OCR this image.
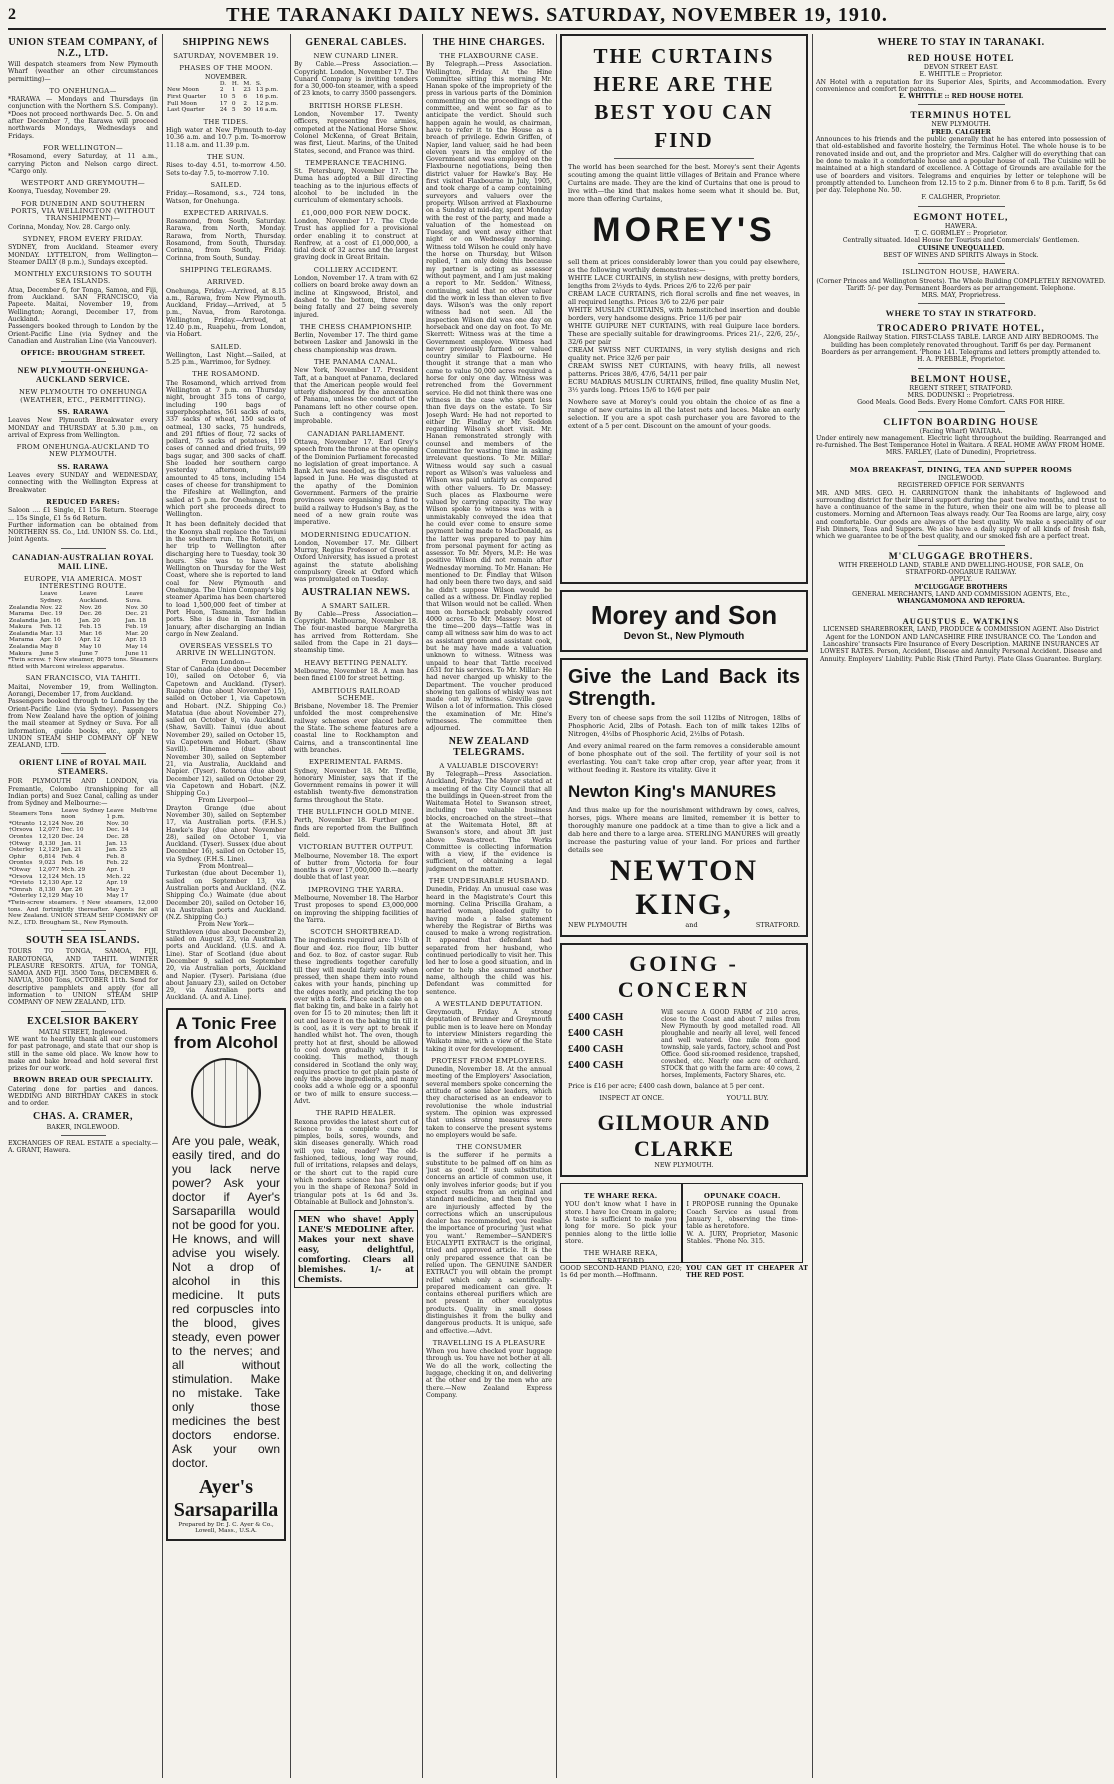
2	THE TARANAKI DAILY NEWS. SATURDAY, NOVEMBER 19, 1910.
UNION STEAM COMPANY, of N.Z., LTD.

Will despatch steamers from New Plymouth Wharf (weather an other circumstances permitting)—

TO ONEHUNGA—

*RARAWA — Mondays and Thursdays (in conjunction with the Northern S.S. Company). *Does not proceed northwards Dec. 5. On and after December 7, the Rarawa will proceed northwards Mondays, Wednesdays and Fridays.

FOR WELLINGTON—

*Rosamond, every Saturday, at 11 a.m., carrying Picton and Nelson cargo direct. *Cargo only.

WESTPORT AND GREYMOUTH—

Koonya, Tuesday, November 29.

FOR DUNEDIN AND SOUTHERN PORTS, VIA WELLINGTON (WITHOUT TRANSHIPMENT)—

Corinna, Monday, Nov. 28. Cargo only.

SYDNEY, FROM EVERY FRIDAY.

SYDNEY, from Auckland. Steamer every MONDAY. LYTTELTON, from Wellington—Steamer DAILY (8 p.m.), Sundays excepted.

MONTHLY EXCURSIONS TO SOUTH SEA ISLANDS.

Atua, December 6, for Tonga, Samoa, and Fiji, from Auckland. SAN FRANCISCO, via Papeete. Maitai, November 19, from Wellington; Aorangi, December 17, from Auckland.

Passengers booked through to London by the Orient-Pacific Line (via Sydney and the Canadian and Australian Line (via Vancouver).

OFFICE: BROUGHAM STREET.
NEW PLYMOUTH-ONEHUNGA-AUCKLAND SERVICE.
NEW PLYMOUTH TO ONEHUNGA (WEATHER, ETC., PERMITTING).
SS. RARAWA

Leaves New Plymouth Breakwater every MONDAY and THURSDAY at 5.30 p.m., on arrival of Express from Wellington.

FROM ONEHUNGA-AUCKLAND TO NEW PLYMOUTH.
SS. RARAWA

Leaves every SUNDAY and WEDNESDAY, connecting with the Wellington Express at Breakwater.

REDUCED FARES:

Saloon .... £1 Single, £1 15s Return. Steerage ... 15s Single, £1 5s 6d Return.

Further information can be obtained from NORTHERN SS. Co., Ltd. UNION SS. Co. Ltd., Joint Agents.

CANADIAN-AUSTRALIAN ROYAL MAIL LINE.
EUROPE, VIA AMERICA. MOST INTERESTING ROUTE.
	Leave Sydney.	Leave Auckland.	Leave Suva.
Zealandia	Nov. 22	Nov. 26	Nov. 30
Marama	Dec. 19	Dec. 26	Dec. 21
Zealandia	Jan. 16	Jan. 20	Jan. 18
Makura	Feb. 12	Feb. 15	Feb. 19
Zealandia	Mar. 13	Mar. 16	Mar. 20
Marama	Apr. 10	Apr. 12	Apr. 15
Zealandia	May 8	May 10	May 14
Makura	June 5	June 7	June 11

*Twin screw. † New steamer, 8075 tons. Steamers fitted with Marconi wireless apparatus.

SAN FRANCISCO, VIA TAHITI.

Maitai, November 19, from Wellington. Aorangi, December 17, from Auckland.

Passengers booked through to London by the Orient-Pacific Line (via Sydney). Passengers from New Zealand have the option of joining the mail steamer at Sydney or Suva. For all information, guide books, etc., apply to UNION STEAM SHIP COMPANY OF NEW ZEALAND, LTD.

ORIENT LINE of ROYAL MAIL STEAMERS.

FOR PLYMOUTH AND LONDON, via Fremantle, Colombo (transhipping for all Indian ports) and Suez Canal, calling as under from Sydney and Melbourne:—

Steamers	Tons	Leave Sydney noon	Leave Melb'rne 1 p.m.
*Otranto	12,124	Nov. 26	Nov. 30
†Orsova	12,077	Dec. 10	Dec. 14
Orontes	12,120	Dec. 24	Dec. 28
†Otway	8,130	Jan. 11	Jan. 13
Osterley	12,129	Jan. 21	Jan. 25
Ophir	6,814	Feb. 4	Feb. 8
Orontes	9,023	Feb. 16	Feb. 22
*Otway	12,077	Mch. 29	Apr. 1
*Orsova	12,124	Mch. 15	Mch. 22
*Orvieto	12,130	Apr. 12	Apr. 19
*Omrah	8,130	Apr. 26	May 3
*Osterley	12,129	May 10	May 17

*Twin-screw steamers. †New steamers, 12,000 tons. And fortnightly thereafter. Agents for all New Zealand. UNION STEAM SHIP COMPANY OF N.Z., LTD. Brougham St., New Plymouth.

SOUTH SEA ISLANDS.

TOURS TO TONGA, SAMOA, FIJI, RAROTONGA, AND TAHITI. WINTER PLEASURE RESORTS. ATUA, for TONGA, SAMOA AND FIJI. 3500 Tons, DECEMBER 6. NAVUA, 3500 Tons, OCTOBER 11th. Send for descriptive pamphlets and apply (for all information to UNION STEAM SHIP COMPANY OF NEW ZEALAND, LTD.

EXCELSIOR BAKERY
MATAI STREET, Inglewood.

WE want to heartily thank all our customers for past patronage, and state that our shop is still in the same old place. We know how to make and bake bread and hold several first prizes for our work.

BROWN BREAD OUR SPECIALITY.

Catering done for parties and dances. WEDDING AND BIRTHDAY CAKES in stock and to order.

CHAS. A. CRAMER,
BAKER, INGLEWOOD.

EXCHANGES OF REAL ESTATE a specialty.—A. GRANT, Hawera.

SHIPPING NEWS
SATURDAY, NOVEMBER 19.
PHASES OF THE MOON.
NOVEMBER.
	D.	H.	M.	S.
New Moon	2	1	23	13 p.m.
First Quarter	10	5	6	16 p.m.
Full Moon	17	0	2	12 p.m.
Last Quarter	24	5	50	16 a.m.
THE TIDES.

High water at New Plymouth to-day 10.36 a.m. and 10.7 p.m. To-morrow 11.18 a.m. and 11.39 p.m.

THE SUN.

Rises to-day 4.51, to-morrow 4.50. Sets to-day 7.5, to-morrow 7.10.

SAILED.

Friday.—Rosamond, s.s., 724 tons, Watson, for Onehunga.

EXPECTED ARRIVALS.

Rosamond, from South, Saturday. Rarawa, from North, Monday. Rarawa, from North, Thursday. Rosamond, from South, Thursday. Corinna, from South, Friday. Corinna, from South, Sunday.

SHIPPING TELEGRAMS.
ARRIVED.

Onehunga, Friday.—Arrived, at 8.15 a.m., Rarawa, from New Plymouth. Auckland, Friday.—Arrived, at 5 p.m., Navua, from Rarotonga. Wellington, Friday.—Arrived, at 12.40 p.m., Ruapehu, from London, via Hobart.

SAILED.

Wellington, Last Night.—Sailed, at 5.25 p.m., Warrimoo, for Sydney.

THE ROSAMOND.

The Rosamond, which arrived from Wellington at 7 p.m. on Thursday night, brought 315 tons of cargo, including 190 bags of superphosphates, 561 sacks of oats, 337 sacks of wheat, 150 sacks of oatmeal, 130 sacks, 75 hundreds, and 291 fifties of flour, 72 sacks of pollard, 75 sacks of potatoes, 119 cases of canned and dried fruits, 99 bags sugar, and 300 sacks of chaff. She loaded her southern cargo yesterday afternoon, which amounted to 45 tons, including 154 cases of cheese for transhipment to the Fifeshire at Wellington, and sailed at 5 p.m. for Onehunga, from which port she proceeds direct to Wellington.

It has been definitely decided that the Koonya shall replace the Taviuni in the southern run. The Rotoiti, on her trip to Wellington after discharging here to Tuesday, took 30 hours. She was to have left Wellington on Thursday for the West Coast, where she is reported to land coal for New Plymouth and Onehunga. The Union Company's big steamer Aparima has been chartered to load 1,500,000 feet of timber at Port Huon, Tasmania, for Indian ports. She is due in Tasmania in January, after discharging an Indian cargo in New Zealand.

OVERSEAS VESSELS TO ARRIVE IN WELLINGTON.
From London—

Star of Canada (due about December 10), sailed on October 6, via Capetown and Auckland. (Tyser). Ruapehu (due about November 15), sailed on October 1, via Capetown and Hobart. (N.Z. Shipping Co.) Matatua (due about November 27), sailed on October 8, via Auckland. (Shaw, Savill). Tainui (due about November 29), sailed on October 15, via Capetown and Hobart. (Shaw Savill). Hinemoa (due about November 30), sailed on September 21, via Australia, Auckland and Napier. (Tyser). Rotorua (due about December 12), sailed on October 29, via Capetown and Hobart. (N.Z. Shipping Co.)

From Liverpool—

Drayton Grange (due about November 30), sailed on September 17, via Australian ports. (F.H.S.) Hawke's Bay (due about November 28), sailed on October 1, via Auckland. (Tyser). Sussex (due about December 16), sailed on October 15, via Sydney. (F.H.S. Line).

From Montreal—

Turkestan (due about December 1), sailed on September 13, via Australian ports and Auckland. (N.Z. Shipping Co.) Waimate (due about December 20), sailed on October 16, via Australian ports and Auckland. (N.Z. Shipping Co.)

From New York—

Strathleven (due about December 2), sailed on August 23, via Australian ports and Auckland. (U.S. and A. Line). Star of Scotland (due about December 9, sailed on September 20, via Australian ports, Auckland and Napier. (Tyser). Parisiana (due about January 23), sailed on October 29, via Australian ports and Auckland. (A. and A. Line).

A Tonic Free from Alcohol
Are you pale, weak, easily tired, and do you lack nerve power? Ask your doctor if Ayer's Sarsaparilla would not be good for you. He knows, and will advise you wisely. Not a drop of alcohol in this medicine. It puts red corpuscles into the blood, gives steady, even power to the nerves; and all without stimulation. Make no mistake. Take only those medicines the best doctors endorse. Ask your own doctor.
Ayer's Sarsaparilla
Prepared by Dr. J. C. Ayer & Co., Lowell, Mass., U.S.A.
GENERAL CABLES.
NEW CUNARD LINER.

By Cable.—Press Association.—Copyright. London, November 17. The Cunard Company is inviting tenders for a 30,000-ton steamer, with a speed of 23 knots, to carry 3500 passengers.

BRITISH HORSE FLESH.

London, November 17. Twenty officers, representing five armies, competed at the National Horse Show. Colonel McKenna, of Great Britain, was first, Lieut. Marins, of the United States, second, and France was third.

TEMPERANCE TEACHING.

St. Petersburg, November 17. The Duma has adopted a Bill directing teaching as to the injurious effects of alcohol to be included in the curriculum of elementary schools.

£1,000,000 FOR NEW DOCK.

London, November 17. The Clyde Trust has applied for a provisional order enabling it to construct at Renfrew, at a cost of £1,000,000, a tidal dock of 32 acres and the largest graving dock in Great Britain.

COLLIERY ACCIDENT.

London, November 17. A tram with 62 colliers on board broke away down an incline at Kingswood, Bristol, and dashed to the bottom, three men being fatally and 27 being severely injured.

THE CHESS CHAMPIONSHIP.

Berlin, November 17. The third game between Lasker and Janowski in the chess championship was drawn.

THE PANAMA CANAL.

New York, November 17. President Taft, at a banquet at Panama, declared that the American people would feel utterly dishonored by the annexation of Panama, unless the conduct of the Panamans left no other course open. Such a contingency was most improbable.

CANADIAN PARLIAMENT.

Ottawa, November 17. Earl Grey's speech from the throne at the opening of the Dominion Parliament forecasted no legislation of great importance. A Bank Act was needed, as the charters lapsed in June. He was disgusted at the apathy of the Dominion Government. Farmers of the prairie provinces were organising a fund to build a railway to Hudson's Bay, as the need of a new grain route was imperative.

MODERNISING EDUCATION.

London, November 17. Mr. Gilbert Murray, Regius Professor of Greek at Oxford University, has issued a protest against the statute abolishing compulsory Greek at Oxford which was promulgated on Tuesday.

AUSTRALIAN NEWS.
A SMART SAILER.

By Cable—Press Association—Copyright. Melbourne, November 18. The four-masted barque Margretha has arrived from Rotterdam. She sailed from the Cape in 21 days—steamship time.

HEAVY BETTING PENALTY.

Melbourne, November 18. A man has been fined £100 for street betting.

AMBITIOUS RAILROAD SCHEME.

Brisbane, November 18. The Premier unfolded the most comprehensive railway schemes ever placed before the State. The scheme features are a coastal line to Rockhampton and Cairns, and a transcontinental line with branches.

EXPERIMENTAL FARMS.

Sydney, November 18. Mr. Treflle, honorary Minister, says that if the Government remains in power it will establish twenty-five demonstration farms throughout the State.

THE BULLFINCH GOLD MINE.

Perth, November 18. Further good finds are reported from the Bullfinch field.

VICTORIAN BUTTER OUTPUT.

Melbourne, November 18. The export of butter from Victoria for four months is over 17,000,000 lb.—nearly double that of last year.

IMPROVING THE YARRA.

Melbourne, November 18. The Harbor Trust proposes to spend £3,000,000 on improving the shipping facilities of the Yarra.

SCOTCH SHORTBREAD.

The ingredients required are: 1½lb of flour and 4oz. rice flour, 1lb butter and 6oz. to 8oz. of castor sugar. Rub these ingredients together carefully till they will mould fairly easily when pressed, then shape them into round cakes with your hands, pinching up the edges neatly, and pricking the top over with a fork. Place each cake on a flat baking tin, and bake in a fairly hot oven for 15 to 20 minutes; then lift it out and leave it on the baking tin till it is cool, as it is very apt to break if handled whilst hot. The oven, though pretty hot at first, should be allowed to cool down gradually whilst it is cooking. This method, though considered in Scotland the only way, requires practice to get plain paste of only the above ingredients, and many cooks add a whole egg or a spoonful or two of milk to ensure success.—Advt.

THE RAPID HEALER.

Rexona provides the latest short cut of science to a complete cure for pimples, boils, sores, wounds, and skin diseases generally. Which road will you take, reader? The old-fashioned, tedious, long way round, full of irritations, relapses and delays, or the short cut to the rapid cure which modern science has provided you in the shape of Rexona? Sold in triangular pots at 1s 6d and 3s. Obtainable at Bullock and Johnston's.

MEN who shave! Apply LANE'S MEDOLINE after. Makes your next shave easy, delightful, comforting. Clears all blemishes. 1/- at Chemists.
THE HINE CHARGES.
THE FLAXBOURNE CASE.

By Telegraph.—Press Association. Wellington, Friday. At the Hine Committee sitting this morning Mr. Hanan spoke of the impropriety of the press in various parts of the Dominion commenting on the proceedings of the committee, and went so far as to anticipate the verdict. Should such happen again he would, as chairman, have to refer it to the House as a breach of privilege. Edwin Griffen, of Napier, land valuer, said he had been eleven years in the employ of the Government and was employed on the Flaxbourne negotiations, being then district valuer for Hawke's Bay. He first visited Flaxbourne in July, 1905, and took charge of a camp containing surveyors and valuers over the property. Wilson arrived at Flaxbourne on a Sunday at mid-day, spent Monday with the rest of the party, and made a valuation of the homestead on Tuesday, and went away either that night or on Wednesday morning. Witness told Wilson he could only have the horse on Thursday, but Wilson replied, 'I am only doing this because my partner is acting as assessor without payment, and I am just making a report to Mr. Seddon.' Witness, continuing, said that no other valuer did the work in less than eleven to five days. Wilson's was the only report witness had not seen. All the inspection Wilson did was one day on horseback and one day on foot. To Mr. Skerrett: Witness was at the time a Government employee. Witness had never previously farmed or valued country similar to Flaxbourne. He thought it strange that a man who came to value 50,000 acres required a horse for only one day. Witness was retrenched from the Government service. He did not think there was one witness in the case who spent less than five days on the estate. To Sir Joseph Ward: He had not reported to either Dr. Findlay or Mr. Seddon regarding Wilson's short visit. Mr. Hanan remonstrated strongly with counsel and members of the Committee for wasting time in asking irrelevant questions. To Mr. Millar: Witness would say such a casual report as Wilson's was valueless and Wilson was paid unfairly as compared with other valuers. To Dr. Massey: Such places as Flaxbourne were valued by carrying capacity. The way Wilson spoke to witness was with a unmistakably conveyed the idea that he could ever come to ensure some payment being made to MacDonald, as the latter was prepared to pay him from personal payment for acting as assessor. To Mr. Myers, M.P.: He was positive Wilson did not remain after Wednesday morning. To Mr. Hanan: He mentioned to Dr. Findlay that Wilson had only been there two days, and said he didn't suppose Wilson would be called as a witness. Dr. Findlay replied that Wilson would not be called. When men on horseback probably covered 4000 acres. To Mr. Massey: Most of the time—200 days—Tattle was in camp all witness saw him do was to act as assistant groom and assistant cook, but he may have made a valuation unknown to witness. Witness was unpaid to hear that Tattle received £631 for his services. To Mr. Millar: He had never charged up whisky to the Department. The voucher produced showing ten gallons of whisky was not made out by witness. Greville gave Wilson a lot of information. This closed the examination of Mr. Hine's witnesses. The committee then adjourned.

NEW ZEALAND TELEGRAMS.
A VALUABLE DISCOVERY!

By Telegraph—Press Association. Auckland, Friday. The Mayor stated at a meeting of the City Council that all the buildings in Queen-street from the Waitemata Hotel to Swanson street, including two valuable business blocks, encroached on the street—that at the Waitemata Hotel, 8ft at Swanson's store, and about 3ft just above Swan-street. The Works Committee is collecting information with a view, if the evidence is sufficient, of obtaining a legal judgment on the matter.

THE UNDESIRABLE HUSBAND.

Dunedin, Friday. An unusual case was heard in the Magistrate's Court this morning. Celina Priscilla Graham, a married woman, pleaded guilty to having made a false statement whereby the Registrar of Births was caused to make a wrong registration. It appeared that defendant had separated from her husband, who continued periodically to visit her. This led her to lose a good situation, and in order to help she assumed another name, although the child was his. Defendant was committed for sentence.

A WESTLAND DEPUTATION.

Greymouth, Friday. A strong deputation of Brunner and Greymouth public men is to leave here on Monday to interview Ministers regarding the Waikato mine, with a view of the State taking it over for development.

PROTEST FROM EMPLOYERS.

Dunedin, November 18. At the annual meeting of the Employers' Association, several members spoke concerning the attitude of some labor leaders, which they characterised as an endeavor to revolutionise the whole industrial system. The opinion was expressed that unless strong measures were taken to conserve the present systems no employers would be safe.

THE CONSUMER

is the sufferer if he permits a substitute to be palmed off on him as 'just as good.' If such substitution concerns an article of common use, it only involves inferior goods; but if you expect results from an original and standard medicine, and then find you are injuriously affected by the corrections which an unscrupulous dealer has recommended, you realise the importance of procuring 'just what you want.' Remember—SANDER'S EUCALYPTI EXTRACT is the original, tried and approved article. It is the only prepared essence that can be relied upon. The GENUINE SANDER EXTRACT you will obtain the prompt relief which only a scientifically-prepared medicament can give. It contains ethereal purifiers which are not present in other eucalyptus products. Quality in small doses distinguishes it from the bulky and dangerous products. It is unique, safe and effective.—Advt.

TRAVELLING IS A PLEASURE

When you have checked your luggage through us. You have not bother at all. We do all the work, collecting the luggage, checking it on, and delivering at the other end by the men who are there.—New Zealand Express Company.

THE CURTAINS HERE ARE THE BEST YOU CAN FIND

The world has been searched for the best. Morey's sent their Agents scouting among the quaint little villages of Britain and France where Curtains are made. They are the kind of Curtains that one is proud to live with—the kind that makes home seem what it should be. But, more than offering Curtains,

MOREY'S

sell them at prices considerably lower than you could pay elsewhere, as the following worthily demonstrates:—

WHITE LACE CURTAINS, in stylish new designs, with pretty borders, lengths from 2½yds to 4yds. Prices 2/6 to 22/6 per pair

CREAM LACE CURTAINS, rich floral scrolls and fine net weaves, in all required lengths. Prices 3/6 to 22/6 per pair

WHITE MUSLIN CURTAINS, with hemstitched insertion and double borders, very handsome designs. Price 11/6 per pair

WHITE GUIPURE NET CURTAINS, with real Guipure lace borders. These are specially suitable for drawingrooms. Prices 21/-, 22/6, 25/-, 32/6 per pair

CREAM SWISS NET CURTAINS, in very stylish designs and rich quality net. Price 32/6 per pair

CREAM SWISS NET CURTAINS, with heavy frills, all newest patterns. Prices 38/6, 47/6, 54/11 per pair

ECRU MADRAS MUSLIN CURTAINS, frilled, fine quality Muslin Net, 3½ yards long. Prices 15/6 to 16/6 per pair

Nowhere save at Morey's could you obtain the choice of as fine a range of new curtains in all the latest nets and laces. Make an early selection. If you are a spot cash purchaser you are favored to the extent of a 5 per cent. Discount on the amount of your goods.

Morey and Son
Devon St., New Plymouth
Give the Land Back its Strength.

Every ton of cheese saps from the soil 112lbs of Nitrogen, 18lbs of Phosphoric Acid, 2lbs of Potash. Each ton of milk takes 12lbs of Nitrogen, 4½lbs of Phosphoric Acid, 2½lbs of Potash.

And every animal reared on the farm removes a considerable amount of bone phosphate out of the soil. The fertility of your soil is not everlasting. You can't take crop after crop, year after year, from it without feeding it. Restore its vitality. Give it

Newton King's MANURES

And thus make up for the nourishment withdrawn by cows, calves, horses, pigs. Where means are limited, remember it is better to thoroughly manure one paddock at a time than to give a lick and a dab here and there to a large area. STERLING MANURES will greatly increase the pasturing value of your land. For prices and further details see

NEWTON KING,
NEW PLYMOUTH	and	STRATFORD.
GOING - CONCERN
£400 CASH
£400 CASH
£400 CASH
£400 CASH

Will secure A GOOD FARM of 210 acres, close to the Coast and about 7 miles from New Plymouth by good metalled road. All ploughable and nearly all level, well fenced and well watered. One mile from good township, sale yards, factory, school and Post Office. Good six-roomed residence, trapshed, cowshed, etc. Nearly one acre of orchard. STOCK that go with the farm are: 40 cows, 2 horses, Implements, Factory Shares, etc.

Price is £16 per acre; £400 cash down, balance at 5 per cent.

INSPECT AT ONCE.	YOU'LL BUY.
GILMOUR AND CLARKE
NEW PLYMOUTH.
TE WHARE REKA.

YOU don't know what I have in store. I have Ice Cream in galore; A taste is sufficient to make you long for more. So pick your pennies along to the little lollie store.

THE WHARE REKA, STRATFORD
OPUNAKE COACH.

I PROPOSE running the Opunake Coach Service as usual from January 1, observing the time-table as heretofore.

W. A. JURY, Proprietor, Masonic Stables. 'Phone No. 315.

GOOD SECOND-HAND PIANO, £20; 1s 6d per month.—Hoffmann.

YOU CAN GET IT CHEAPER AT THE RED POST.

WHERE TO STAY IN TARANAKI.
RED HOUSE HOTEL
DEVON STREET EAST.
E. WHITTLE :: Proprietor.

AN Hotel with a reputation for its Superior Ales, Spirits, and Accommodation. Every convenience and comfort for patrons.

E. WHITTLE :: RED HOUSE HOTEL
TERMINUS HOTEL
NEW PLYMOUTH.
FRED. CALGHER

Announces to his friends and the public generally that he has entered into possession of that old-established and favorite hostelry, the Terminus Hotel. The whole house is to be renovated inside and out, and the proprietor and Mrs. Calgher will do everything that can be done to make it a comfortable house and a popular house of call. The Cuisine will be maintained at a high standard of excellence. A Cottage of Grounds are available for the use of boarders and visitors. Telegrams and enquiries by letter or telephone will be promptly attended to. Luncheon from 12.15 to 2 p.m. Dinner from 6 to 8 p.m. Tariff, 5s 6d per day. Telephone No. 50.

F. CALGHER, Proprietor.
EGMONT HOTEL,
HAWERA.
T. C. GORMLEY :: Proprietor.

Centrally situated. Ideal House for Tourists and Commercials' Gentlemen.

CUISINE UNEQUALLED.
BEST OF WINES AND SPIRITS Always in Stock.
ISLINGTON HOUSE, HAWERA.

(Corner Princes and Wellington Streets). The Whole Building COMPLETELY RENOVATED. Tariff: 5/- per day. Permanent Boarders as per arrangement. Telephone.

MRS. MAY, Proprietress.
WHERE TO STAY IN STRATFORD.
TROCADERO PRIVATE HOTEL,

Alongside Railway Station. FIRST-CLASS TABLE. LARGE AND AIRY BEDROOMS. The building has been completely renovated throughout. Tariff 6s per day. Permanent Boarders as per arrangement. 'Phone 141. Telegrams and letters promptly attended to.

H. A. PREBBLE, Proprietor.
BELMONT HOUSE,
REGENT STREET, STRATFORD.
MRS. DODUNSKI :: Proprietress.

Good Meals. Good Beds. Every Home Comfort. CARS FOR HIRE.

CLIFTON BOARDING HOUSE
(Facing Wharf) WAITARA.

Under entirely new management. Electric light throughout the building. Rearranged and re-furnished. The Best Temperance Hotel in Waitara. A REAL HOME AWAY FROM HOME.

MRS. FARLEY, (Late of Dunedin), Proprietress.
MOA BREAKFAST, DINING, TEA AND SUPPER ROOMS
INGLEWOOD.
REGISTERED OFFICE FOR SERVANTS

MR. AND MRS. GEO. H. CARRINGTON thank the inhabitants of Inglewood and surrounding district for their liberal support during the past twelve months, and trust to have a continuance of the same in the future, when their one aim will be to please all customers. Morning and Afternoon Teas always ready. Our Tea Rooms are large, airy, cosy and comfortable. Our goods are always of the best quality. We make a speciality of our Fish Dinners, Teas and Suppers. We also have a daily supply of all kinds of fresh fish, which we guarantee to be of the best quality, and our smoked fish are a perfect treat.

M'CLUGGAGE BROTHERS.

WITH FREEHOLD LAND, STABLE AND DWELLING-HOUSE, FOR SALE, On STRATFORD-ONGARUE RAILWAY.

APPLY.
M'CLUGGAGE BROTHERS
GENERAL MERCHANTS, LAND AND COMMISSION AGENTS, Etc.,
WHANGAMOMONA AND REPORUA.
AUGUSTUS E. WATKINS

LICENSED SHAREBROKER, LAND, PRODUCE & COMMISSION AGENT. Also District Agent for the LONDON AND LANCASHIRE FIRE INSURANCE CO. The 'London and Lancashire' transacts Fire Insurance of Every Description. MARINE INSURANCES AT LOWEST RATES. Person, Accident, Disease and Annuity Personal Accident. Disease and Annuity. Employers' Liability. Public Risk (Third Party). Plate Glass Guarantee. Burglary.
